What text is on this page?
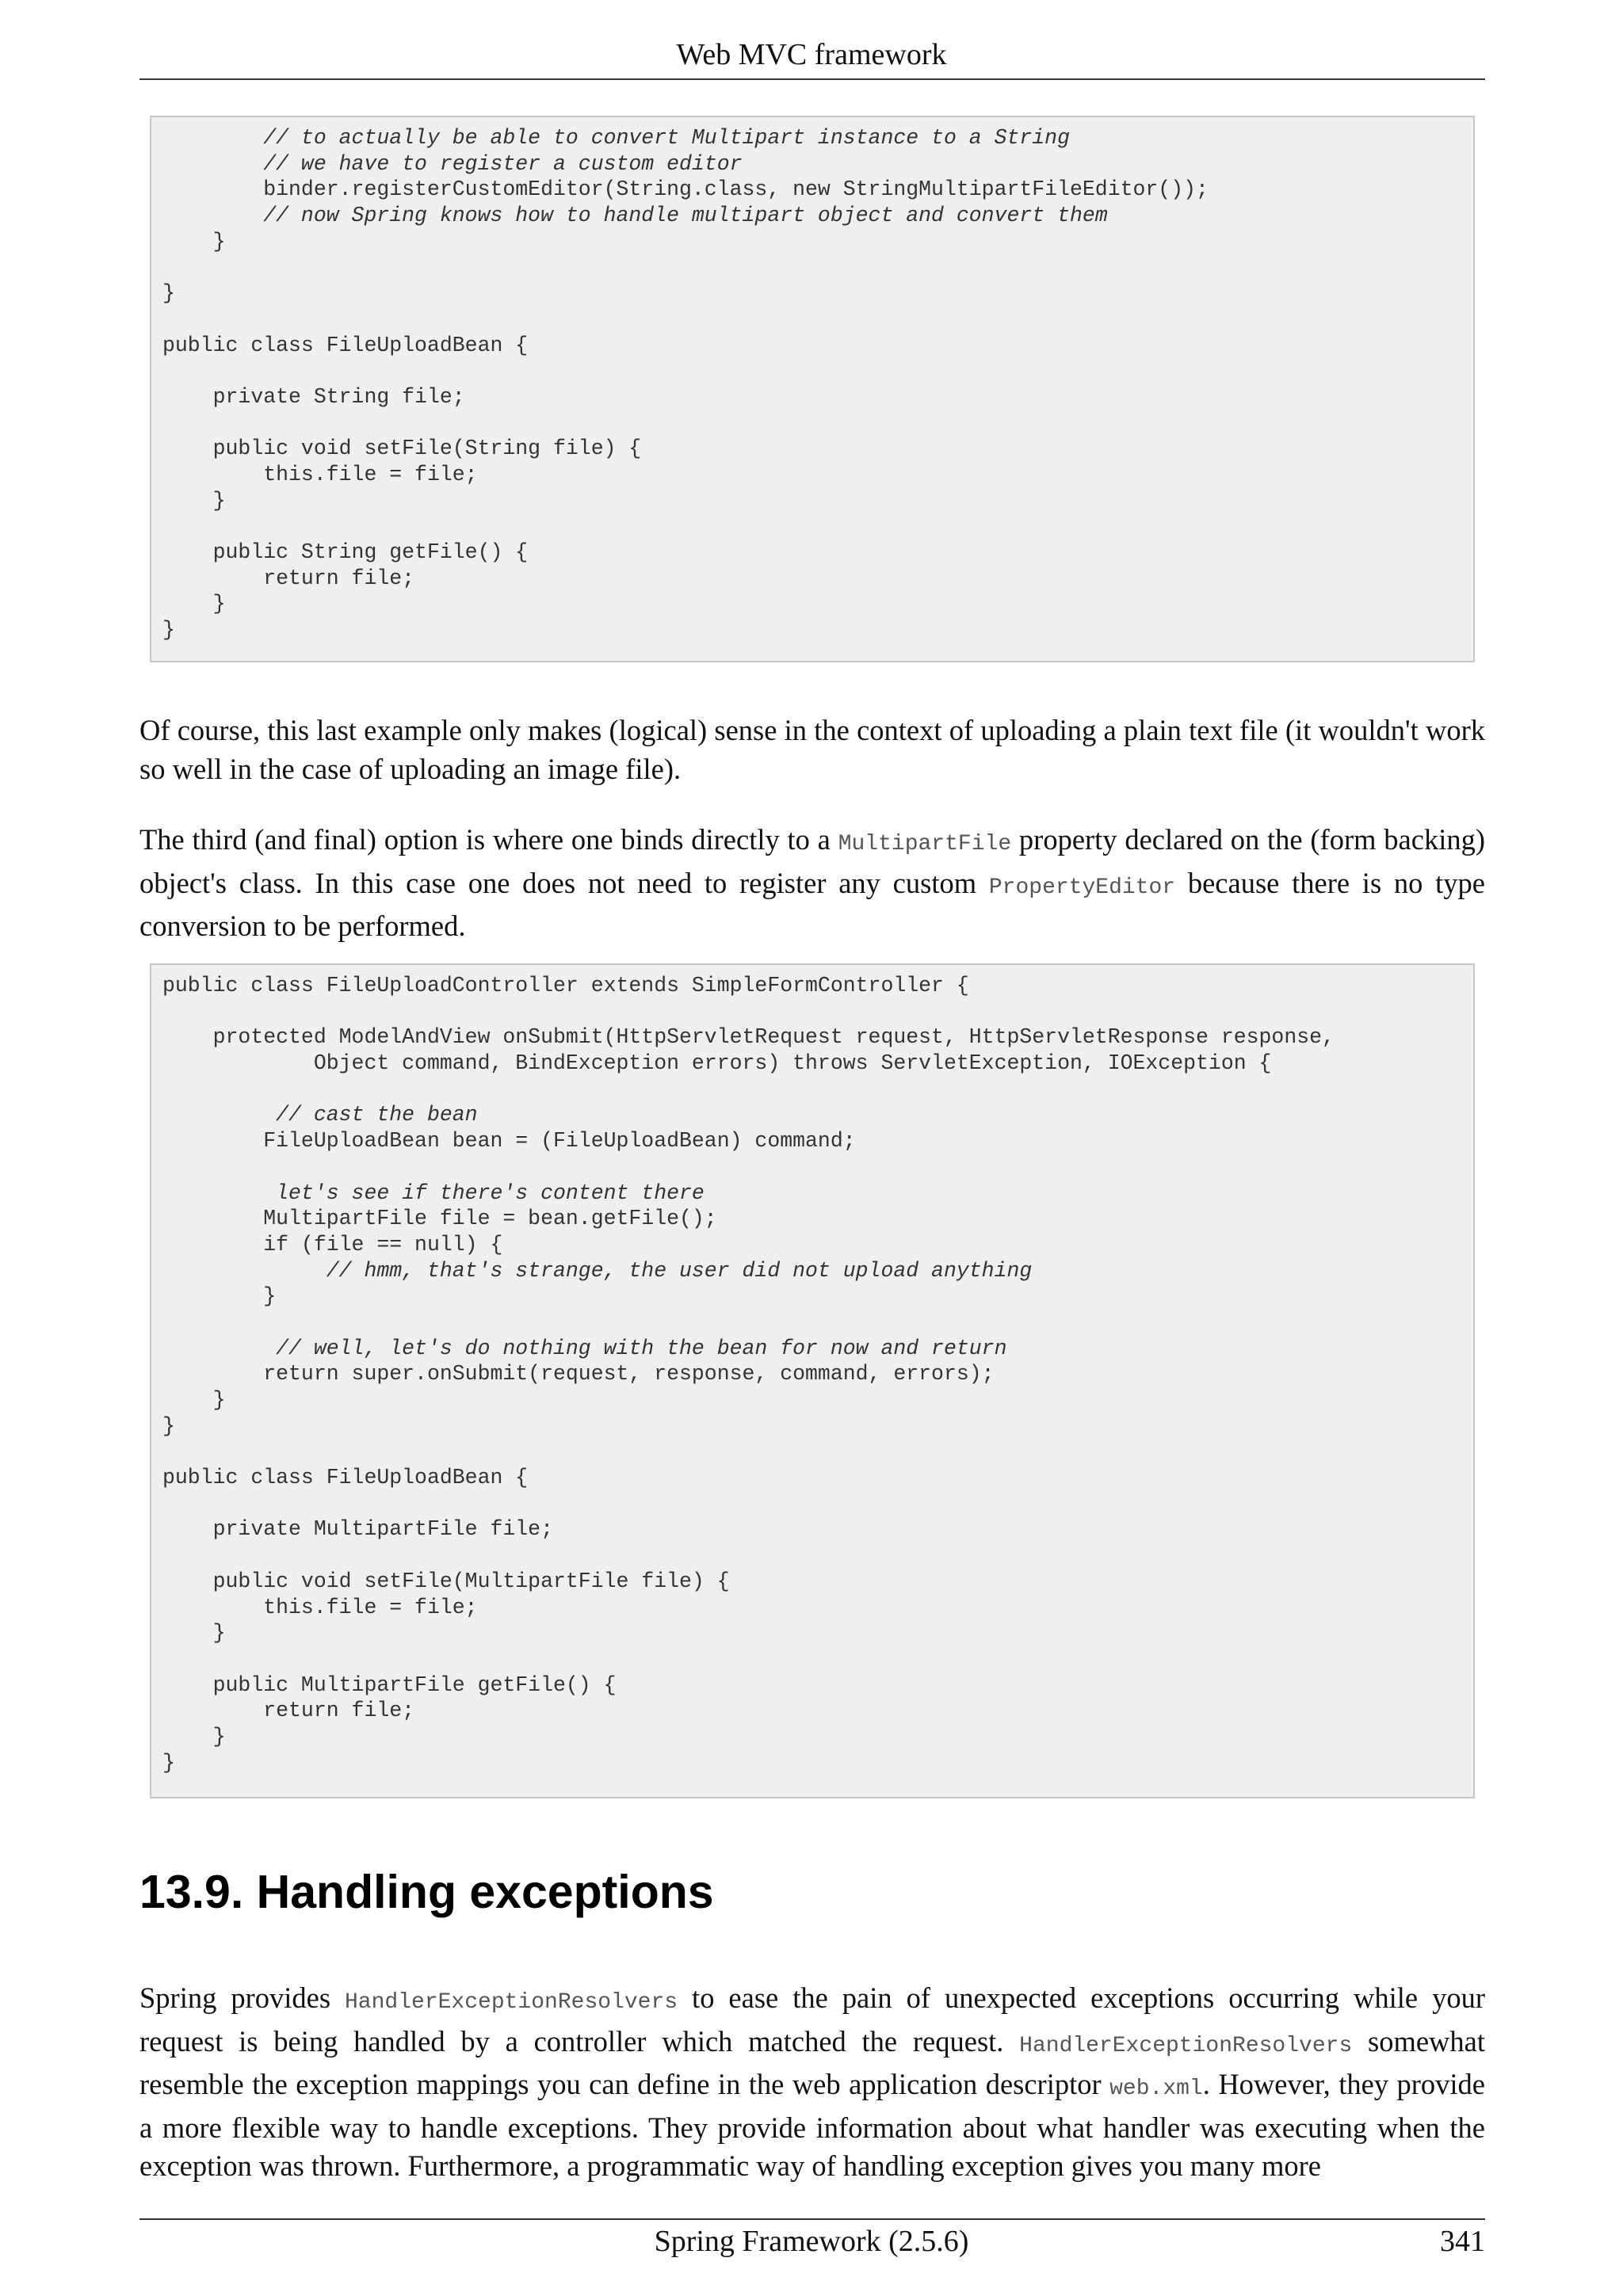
Web MVC framework
// to actually be able to convert Multipart instance to a String
// we have to register a custom editor
binder.registerCustomEditor(String.class, new StringMultipartFileEditor());
// now Spring knows how to handle multipart object and convert them
}
}
public class FileUploadBean {
private String file;
public void setFile(String file) {
this.file = file;
}
public String getFile() {
return file;
}
}

Of course, this last example only makes (logical) sense in the context of uploading a plain text file (it wouldn't work so well in the case of uploading an image file).

The third (and final) option is where one binds directly to a MultipartFile property declared on the (form backing) object's class. In this case one does not need to register any custom PropertyEditor because there is no type conversion to be performed.

public class FileUploadController extends SimpleFormController {
protected ModelAndView onSubmit(HttpServletRequest request, HttpServletResponse response,
Object command, BindException errors) throws ServletException, IOException {
// cast the bean
FileUploadBean bean = (FileUploadBean) command;
let's see if there's content there
MultipartFile file = bean.getFile();
if (file == null) {
// hmm, that's strange, the user did not upload anything
}
// well, let's do nothing with the bean for now and return
return super.onSubmit(request, response, command, errors);
}
}
public class FileUploadBean {
private MultipartFile file;
public void setFile(MultipartFile file) {
this.file = file;
}
public MultipartFile getFile() {
return file;
}
}
13.9. Handling exceptions

Spring provides HandlerExceptionResolvers to ease the pain of unexpected exceptions occurring while your request is being handled by a controller which matched the request. HandlerExceptionResolvers somewhat resemble the exception mappings you can define in the web application descriptor web.xml. However, they provide a more flexible way to handle exceptions. They provide information about what handler was executing when the exception was thrown. Furthermore, a programmatic way of handling exception gives you many more

Spring Framework (2.5.6)	341
